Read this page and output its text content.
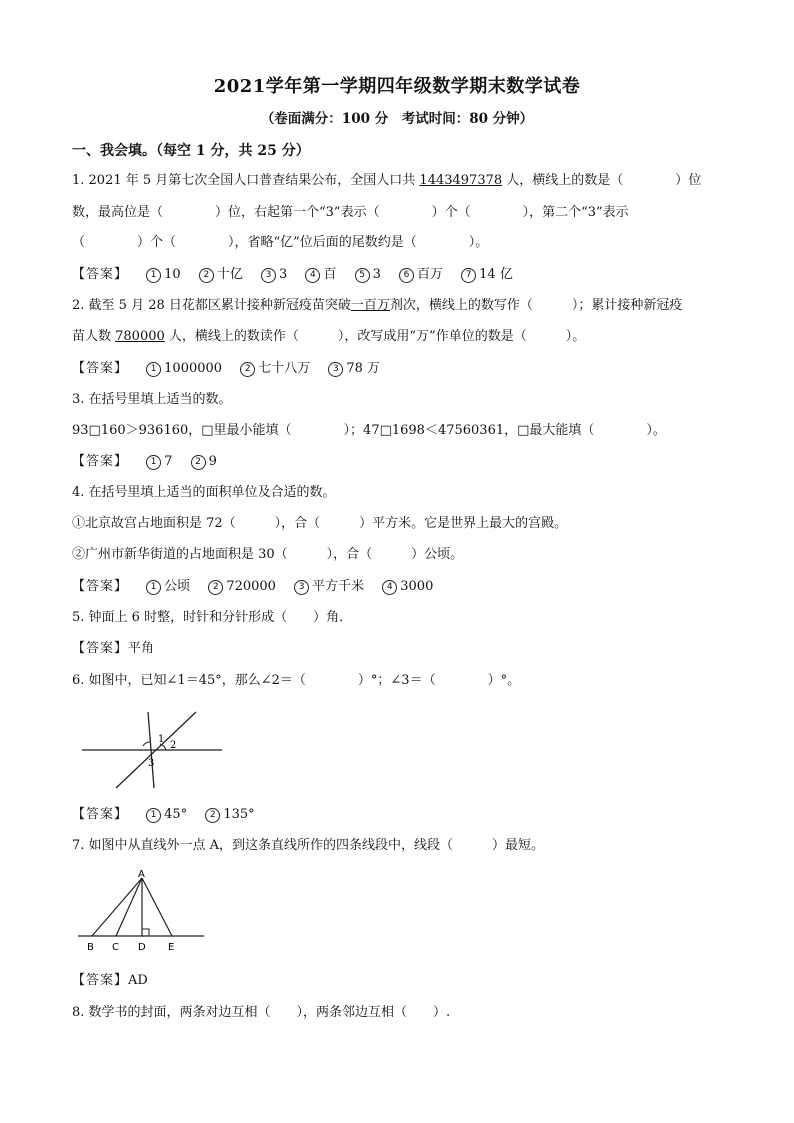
2021学年第一学期四年级数学期末数学试卷
（卷面满分：100 分　考试时间：80 分钟）
一、我会填。（每空 1 分，共 25 分）
1. 2021 年 5 月第七次全国人口普查结果公布，全国人口共 1443497378 人，横线上的数是（　　　　）位
数，最高位是（　　　　）位，右起第一个“3”表示（　　　　）个（　　　　），第二个“3”表示
（　　　　）个（　　　　），省略“亿”位后面的尾数约是（　　　　）。
【答案】	1 10	2 十亿	3 3	4 百	5 3	6 百万	7 14 亿
2. 截至 5 月 28 日花都区累计接种新冠疫苗突破一百万剂次，横线上的数写作（　　　）；累计接种新冠疫
苗人数 780000 人，横线上的数读作（　　　），改写成用“万”作单位的数是（　　　）。
【答案】	1 1000000	2 七十八万	3 78 万
3. 在括号里填上适当的数。
93□160＞936160，□里最小能填（　　　　）；47□1698＜47560361，□最大能填（　　　　）。
【答案】	1 7	2 9
4. 在括号里填上适当的面积单位及合适的数。
①北京故宫占地面积是 72（　　　），合（　　　）平方米。它是世界上最大的宫殿。
②广州市新华街道的占地面积是 30（　　　），合（　　　）公顷。
【答案】	1 公顷	2 720000	3 平方千米	4 3000
5. 钟面上 6 时整，时针和分针形成（　　）角．
【答案】平角
6. 如图中，已知∠1＝45°，那么∠2＝（　　　　）°；∠3＝（　　　　）°。
1
2
3
【答案】	1 45°	2 135°
7. 如图中从直线外一点 A，到这条直线所作的四条线段中，线段（　　　）最短。
A
B C D E
【答案】AD
8. 数学书的封面，两条对边互相（　　），两条邻边互相（　　）.
